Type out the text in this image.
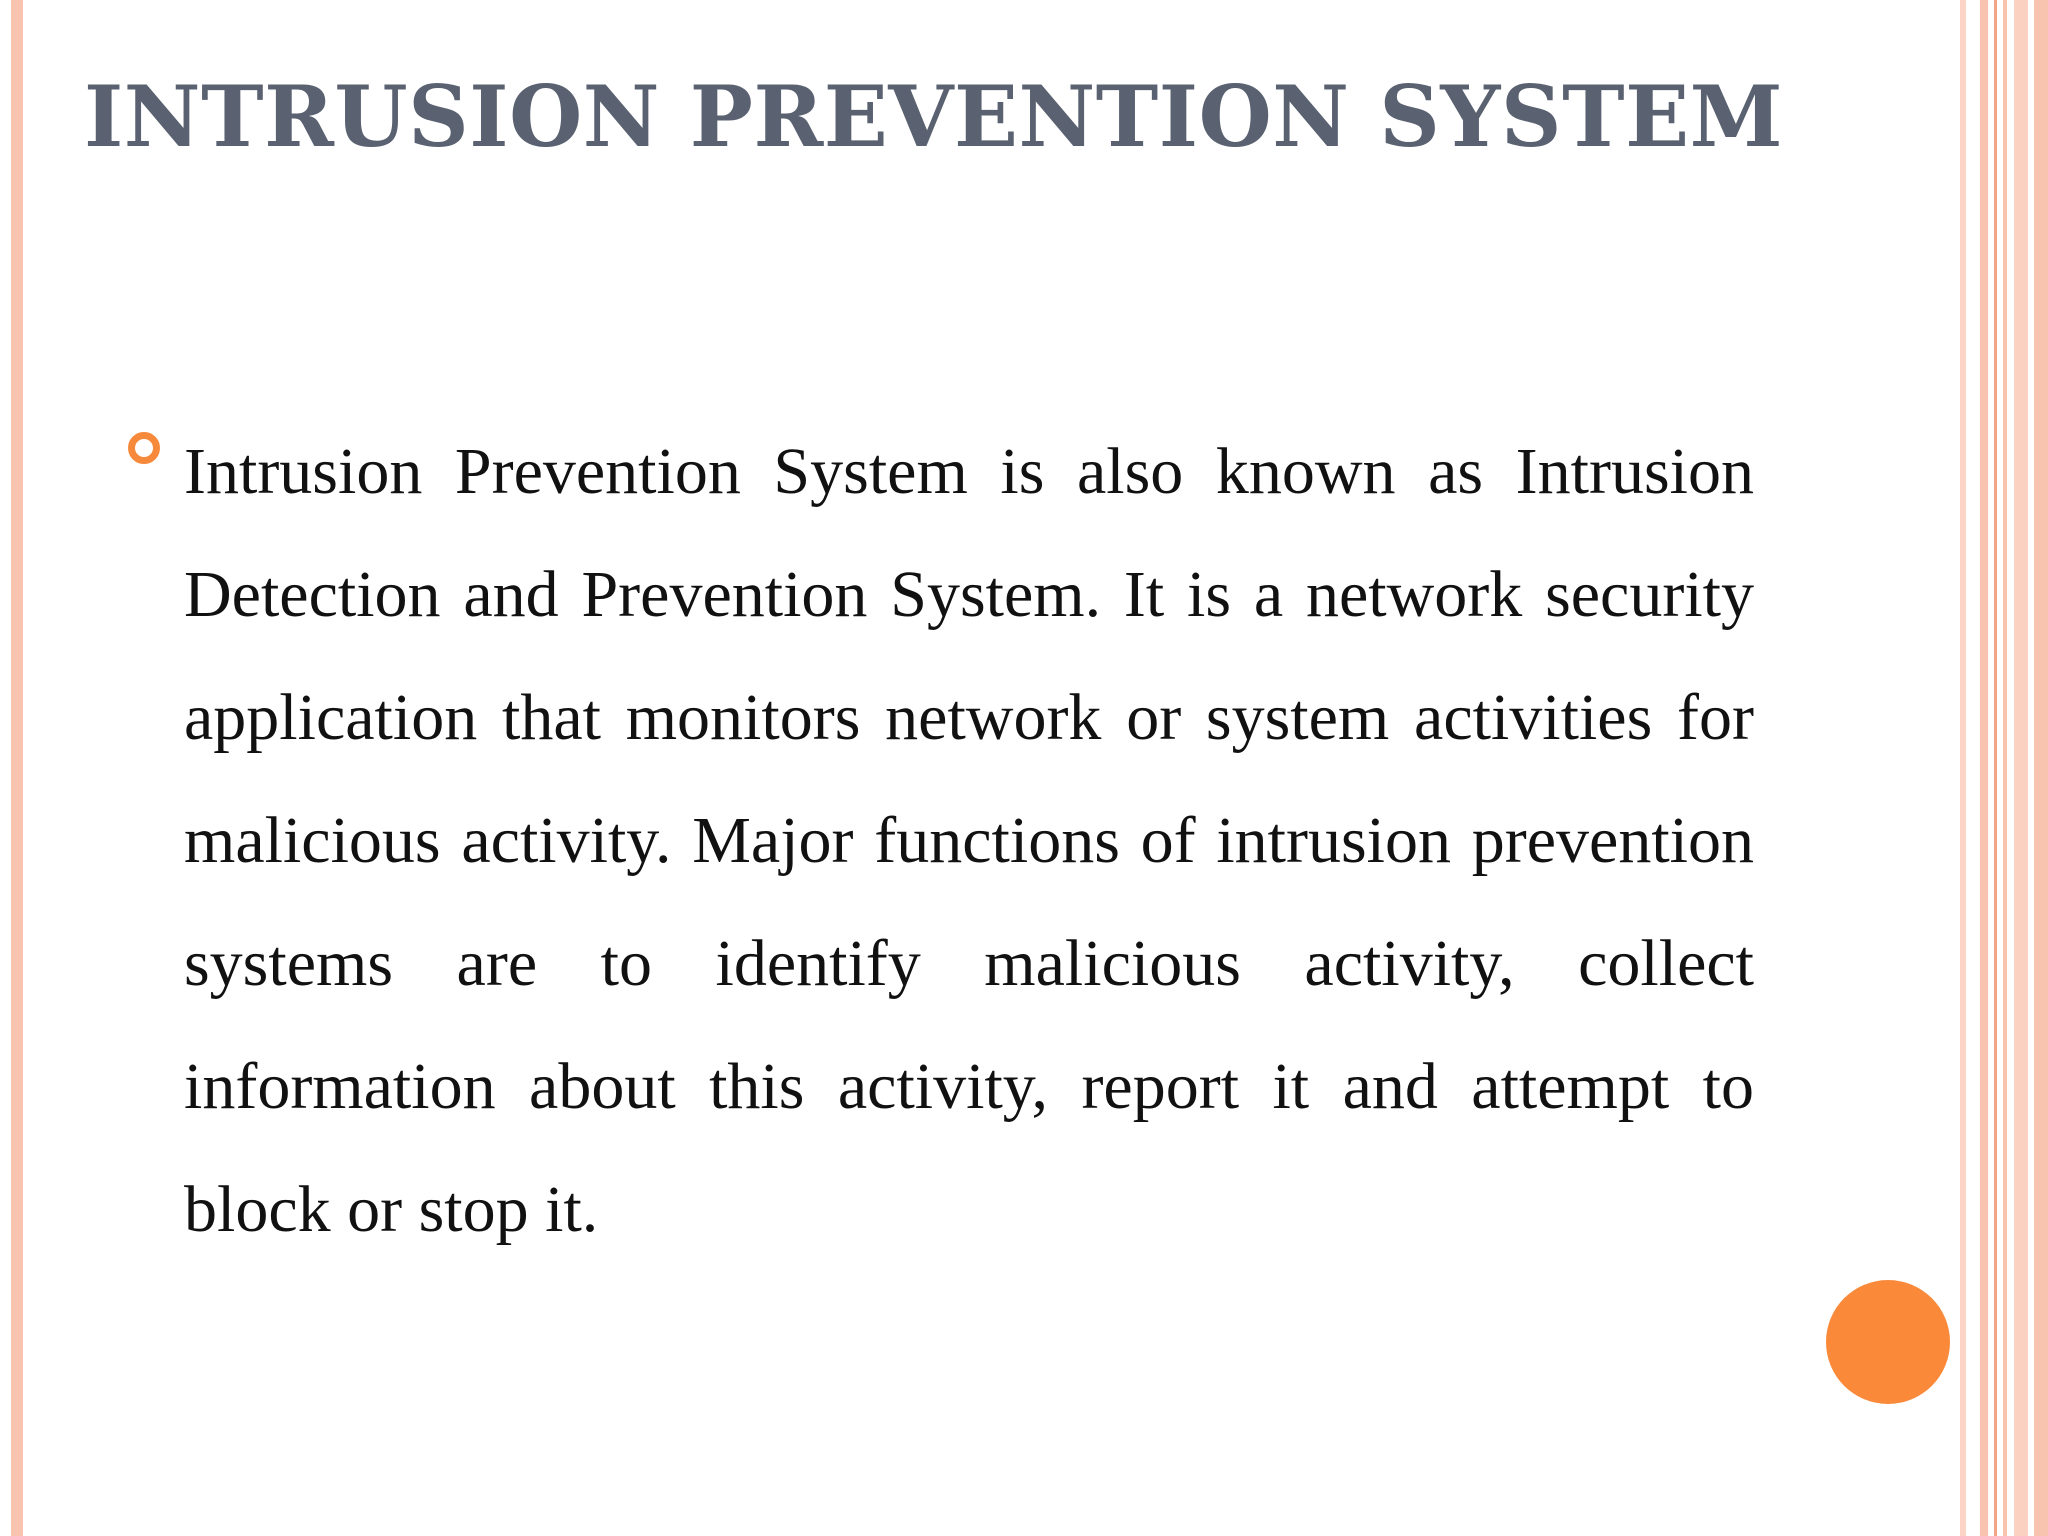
INTRUSION PREVENTION SYSTEM

Intrusion Prevention System is also known as Intrusion Detection and Prevention System. It is a network security application that monitors network or system activities for malicious activity. Major functions of intrusion prevention systems are to identify malicious activity, collect information about this activity, report it and attempt to block or stop it.
